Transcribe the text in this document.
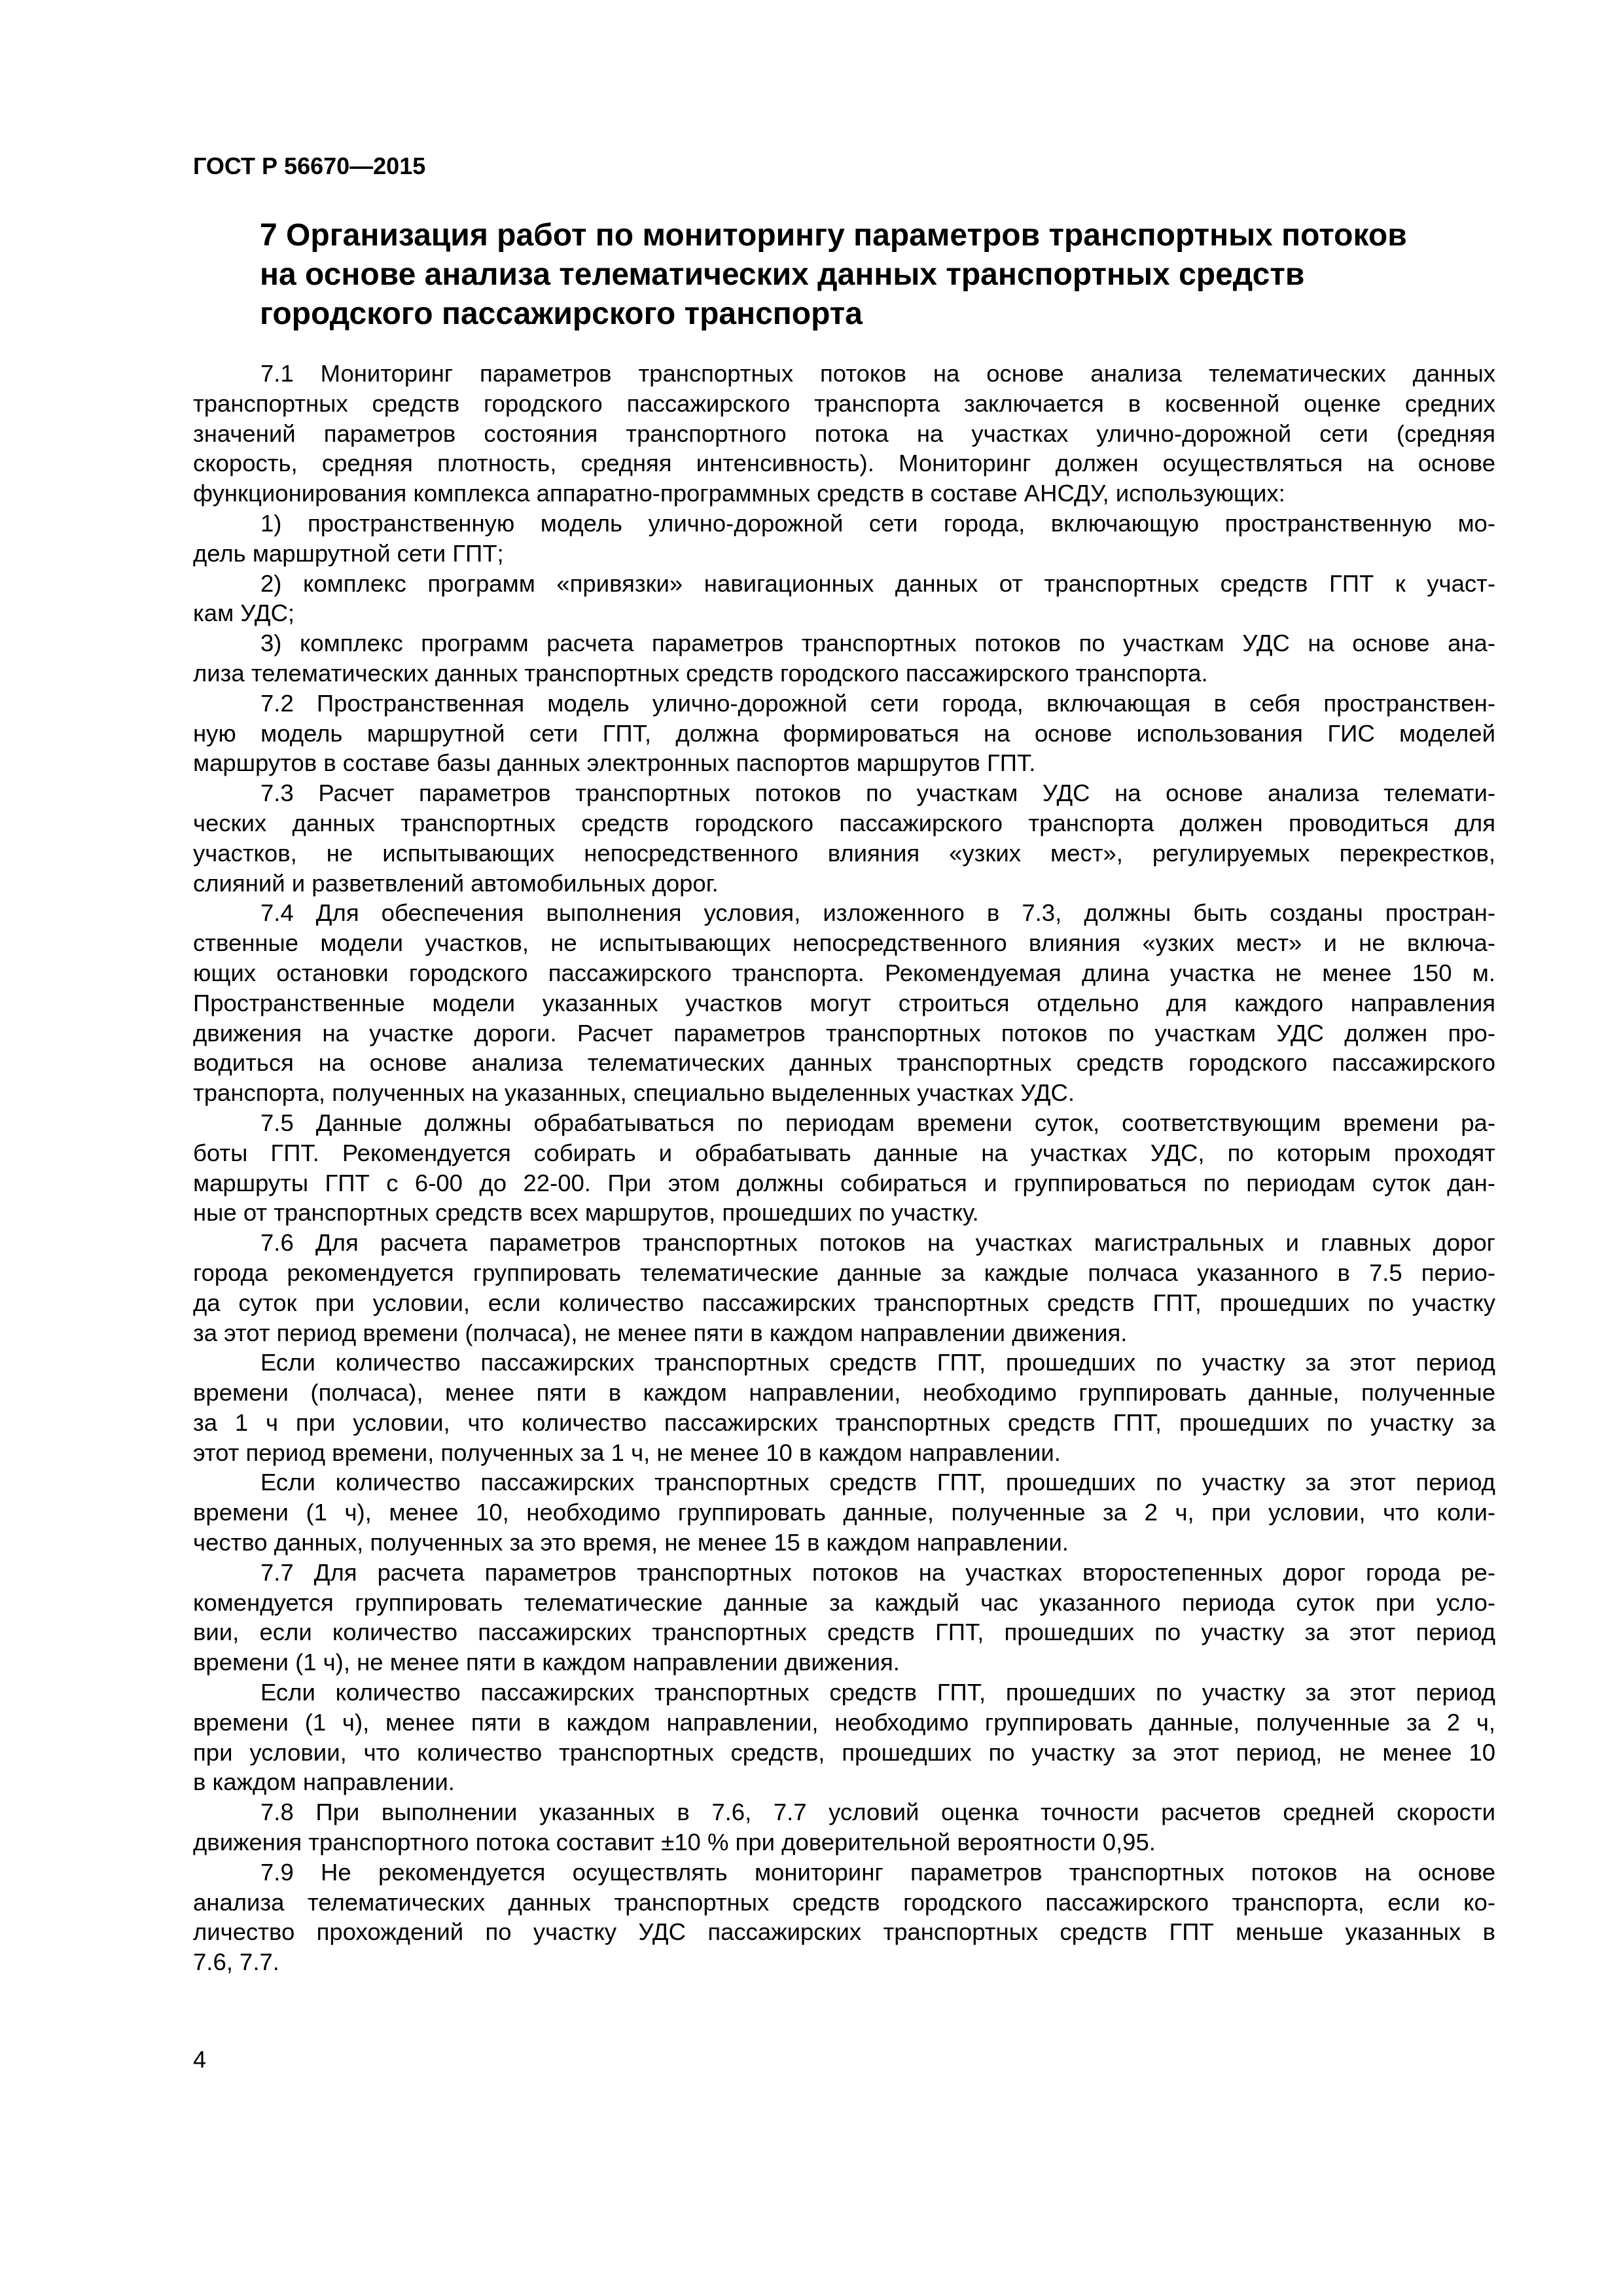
ГОСТ Р 56670—2015
7 Организация работ по мониторингу параметров транспортных потоков
на основе анализа телематических данных транспортных средств
городского пассажирского транспорта
7.1 Мониторинг параметров транспортных потоков на основе анализа телематических данных
транспортных средств городского пассажирского транспорта заключается в косвенной оценке средних
значений параметров состояния транспортного потока на участках улично-дорожной сети (средняя
скорость, средняя плотность, средняя интенсивность). Мониторинг должен осуществляться на основе
функционирования комплекса аппаратно-программных средств в составе АНСДУ, использующих:
1) пространственную модель улично-дорожной сети города, включающую пространственную мо-
дель маршрутной сети ГПТ;
2) комплекс программ «привязки» навигационных данных от транспортных средств ГПТ к участ-
кам УДС;
3) комплекс программ расчета параметров транспортных потоков по участкам УДС на основе ана-
лиза телематических данных транспортных средств городского пассажирского транспорта.
7.2 Пространственная модель улично-дорожной сети города, включающая в себя пространствен-
ную модель маршрутной сети ГПТ, должна формироваться на основе использования ГИС моделей
маршрутов в составе базы данных электронных паспортов маршрутов ГПТ.
7.3 Расчет параметров транспортных потоков по участкам УДС на основе анализа телемати-
ческих данных транспортных средств городского пассажирского транспорта должен проводиться для
участков, не испытывающих непосредственного влияния «узких мест», регулируемых перекрестков,
слияний и разветвлений автомобильных дорог.
7.4 Для обеспечения выполнения условия, изложенного в 7.3, должны быть созданы простран-
ственные модели участков, не испытывающих непосредственного влияния «узких мест» и не включа-
ющих остановки городского пассажирского транспорта. Рекомендуемая длина участка не менее 150 м.
Пространственные модели указанных участков могут строиться отдельно для каждого направления
движения на участке дороги. Расчет параметров транспортных потоков по участкам УДС должен про-
водиться на основе анализа телематических данных транспортных средств городского пассажирского
транспорта, полученных на указанных, специально выделенных участках УДС.
7.5 Данные должны обрабатываться по периодам времени суток, соответствующим времени ра-
боты ГПТ. Рекомендуется собирать и обрабатывать данные на участках УДС, по которым проходят
маршруты ГПТ с 6-00 до 22-00. При этом должны собираться и группироваться по периодам суток дан-
ные от транспортных средств всех маршрутов, прошедших по участку.
7.6 Для расчета параметров транспортных потоков на участках магистральных и главных дорог
города рекомендуется группировать телематические данные за каждые полчаса указанного в 7.5 перио-
да суток при условии, если количество пассажирских транспортных средств ГПТ, прошедших по участку
за этот период времени (полчаса), не менее пяти в каждом направлении движения.
Если количество пассажирских транспортных средств ГПТ, прошедших по участку за этот период
времени (полчаса), менее пяти в каждом направлении, необходимо группировать данные, полученные
за 1 ч при условии, что количество пассажирских транспортных средств ГПТ, прошедших по участку за
этот период времени, полученных за 1 ч, не менее 10 в каждом направлении.
Если количество пассажирских транспортных средств ГПТ, прошедших по участку за этот период
времени (1 ч), менее 10, необходимо группировать данные, полученные за 2 ч, при условии, что коли-
чество данных, полученных за это время, не менее 15 в каждом направлении.
7.7 Для расчета параметров транспортных потоков на участках второстепенных дорог города ре-
комендуется группировать телематические данные за каждый час указанного периода суток при усло-
вии, если количество пассажирских транспортных средств ГПТ, прошедших по участку за этот период
времени (1 ч), не менее пяти в каждом направлении движения.
Если количество пассажирских транспортных средств ГПТ, прошедших по участку за этот период
времени (1 ч), менее пяти в каждом направлении, необходимо группировать данные, полученные за 2 ч,
при условии, что количество транспортных средств, прошедших по участку за этот период, не менее 10
в каждом направлении.
7.8 При выполнении указанных в 7.6, 7.7 условий оценка точности расчетов средней скорости
движения транспортного потока составит ±10 % при доверительной вероятности 0,95.
7.9 Не рекомендуется осуществлять мониторинг параметров транспортных потоков на основе
анализа телематических данных транспортных средств городского пассажирского транспорта, если ко-
личество прохождений по участку УДС пассажирских транспортных средств ГПТ меньше указанных в
7.6, 7.7.
4
